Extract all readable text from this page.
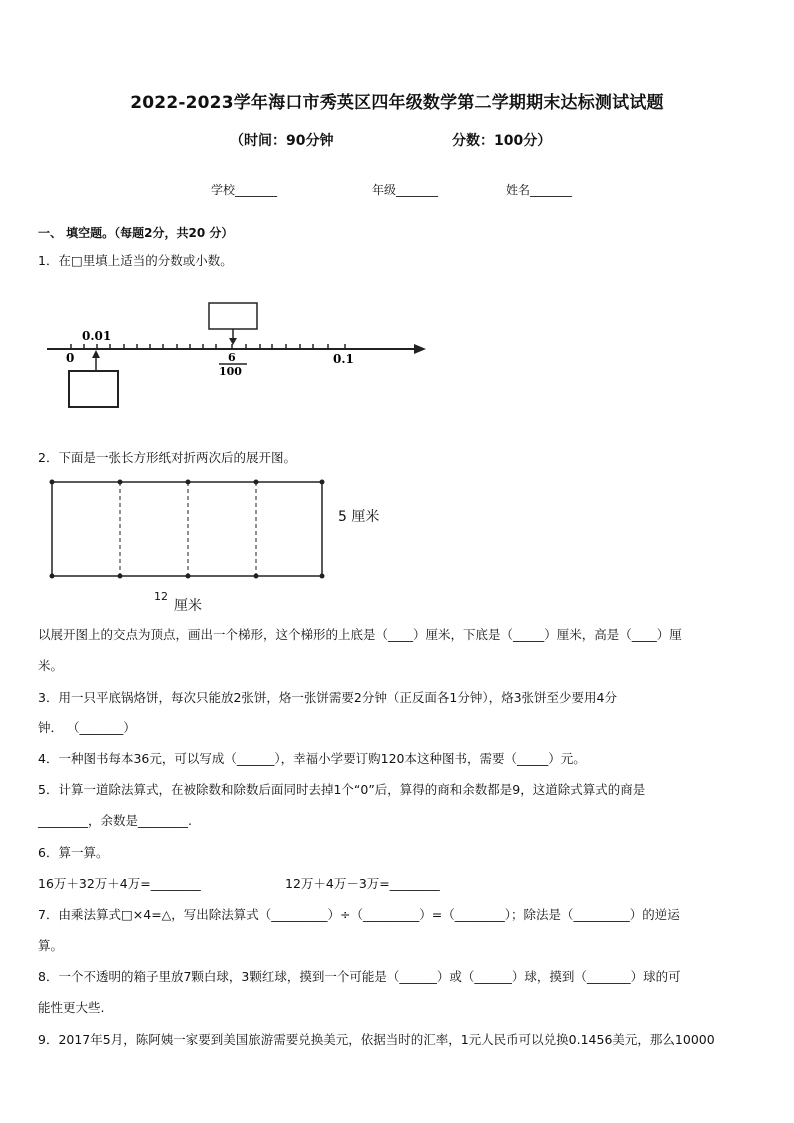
2022-2023学年海口市秀英区四年级数学第二学期期末达标测试试题
（时间：90分钟	分数：100分）
学校_______	年级_______	姓名_______
一、 填空题。（每题2分，共20 分）
1．在□里填上适当的分数或小数。
0.01
0	6
100
0.1
2．下面是一张长方形纸对折两次后的展开图。
5 厘米
12
厘米
以展开图上的交点为顶点，画出一个梯形，这个梯形的上底是（____）厘米，下底是（_____）厘米，高是（____）厘
米。
3．用一只平底锅烙饼，每次只能放2张饼，烙一张饼需要2分钟（正反面各1分钟），烙3张饼至少要用4分
钟． （_______）
4．一种图书每本36元，可以写成（______），幸福小学要订购120本这种图书，需要（_____）元。
5．计算一道除法算式，在被除数和除数后面同时去掉1个“0”后，算得的商和余数都是9，这道除式算式的商是
________，余数是________.
6．算一算。
16万＋32万＋4万=________	12万＋4万－3万=________
7．由乘法算式□×4=△，写出除法算式（_________）÷（_________）=（________）；除法是（_________）的逆运
算。
8．一个不透明的箱子里放7颗白球，3颗红球，摸到一个可能是（______）或（______）球，摸到（_______）球的可
能性更大些.
9．2017年5月，陈阿姨一家要到美国旅游需要兑换美元，依据当时的汇率，1元人民币可以兑换0.1456美元，那么10000
